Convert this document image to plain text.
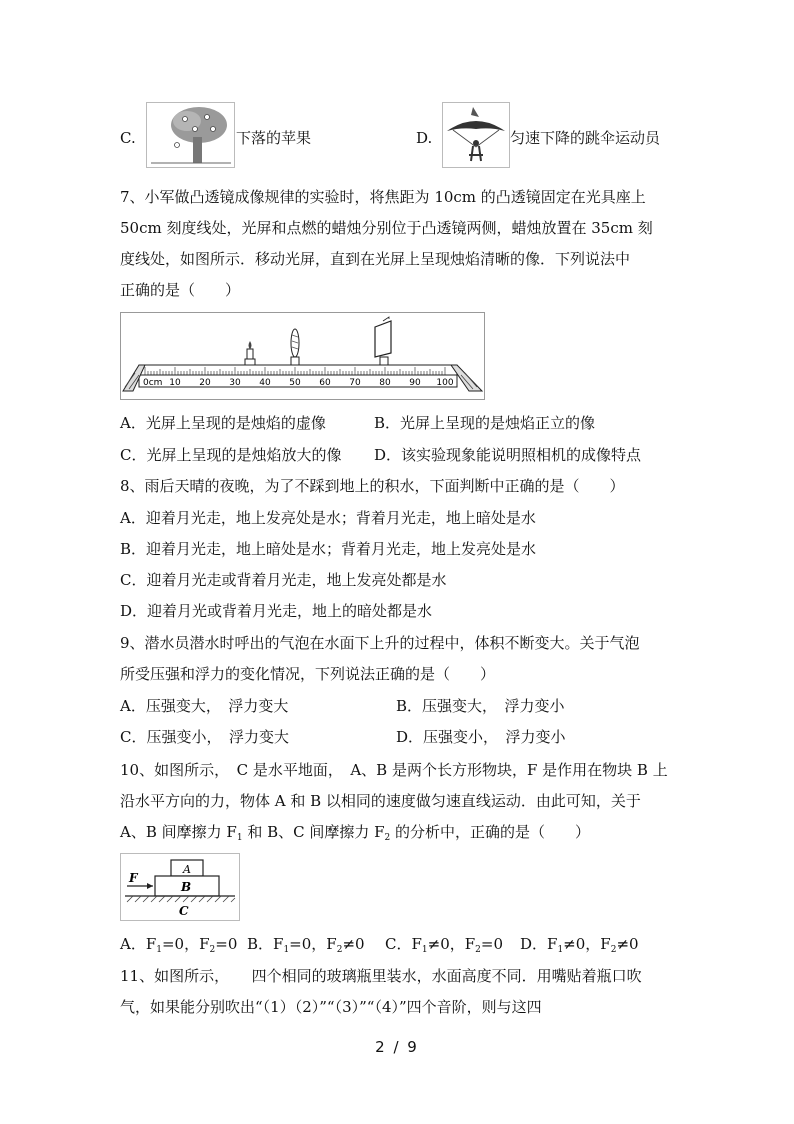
C.	下落的苹果	D.	匀速下降的跳伞运动员
7、小军做凸透镜成像规律的实验时，将焦距为 10cm 的凸透镜固定在光具座上
50cm 刻度线处，光屏和点燃的蜡烛分别位于凸透镜两侧，蜡烛放置在 35cm 刻
度线处，如图所示．移动光屏，直到在光屏上呈现烛焰清晰的像．下列说法中
正确的是（　　）
0cm 10 20 30 40 50 60 70 80 90 100
A．光屏上呈现的是烛焰的虚像	B．光屏上呈现的是烛焰正立的像
C．光屏上呈现的是烛焰放大的像 D．该实验现象能说明照相机的成像特点
8、雨后天晴的夜晚，为了不踩到地上的积水，下面判断中正确的是（　　）
A．迎着月光走，地上发亮处是水；背着月光走，地上暗处是水
B．迎着月光走，地上暗处是水；背着月光走，地上发亮处是水
C．迎着月光走或背着月光走，地上发亮处都是水
D．迎着月光或背着月光走，地上的暗处都是水
9、潜水员潜水时呼出的气泡在水面下上升的过程中，体积不断变大。关于气泡
所受压强和浮力的变化情况，下列说法正确的是（　　）
A．压强变大，　浮力变大	B．压强变大，　浮力变小
C．压强变小，　浮力变大	D．压强变小，　浮力变小
10、如图所示，　C 是水平地面，　A、B 是两个长方形物块，F 是作用在物块 B 上
沿水平方向的力，物体 A 和 B 以相同的速度做匀速直线运动．由此可知，关于
A、B 间摩擦力 $F_1$ 和 B、C 间摩擦力 $F_2$ 的分析中，正确的是（　　）
A
B
F
C
A．$F_1=0$，$F_2=0$ B．$F_1=0$，$F_2\ne 0$ C．$F_1\ne 0$，$F_2=0$ D．$F_1\ne 0$，$F_2\ne 0$
11、如图所示，　　四个相同的玻璃瓶里装水，水面高度不同．用嘴贴着瓶口吹
气，如果能分别吹出“（1）（2）”“（3）”“（4）”四个音阶，则与这四
2 / 9
